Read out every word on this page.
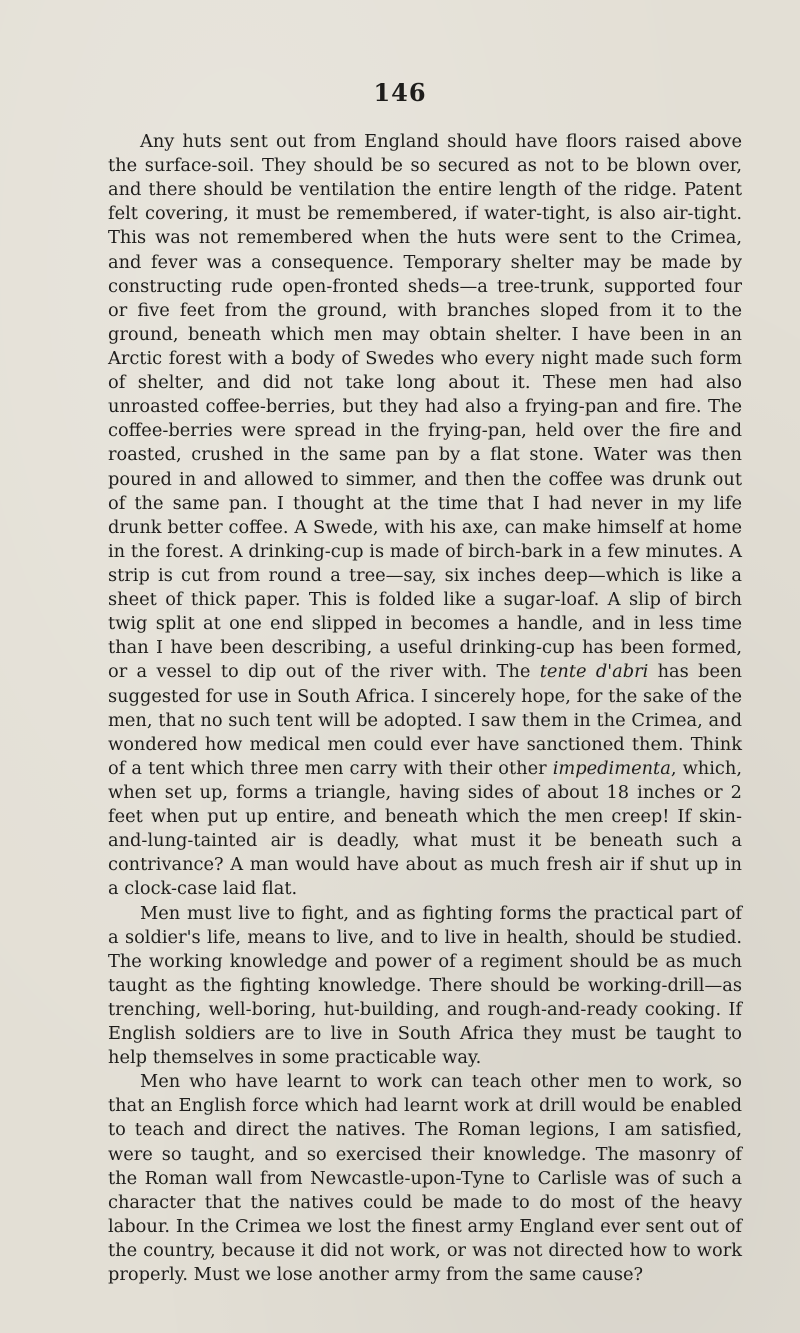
146

Any huts sent out from England should have floors raised above the surface-soil. They should be so secured as not to be blown over, and there should be ventilation the entire length of the ridge. Patent felt covering, it must be remembered, if water-tight, is also air-tight. This was not remembered when the huts were sent to the Crimea, and fever was a consequence. Temporary shelter may be made by constructing rude open-fronted sheds—a tree-trunk, supported four or five feet from the ground, with branches sloped from it to the ground, beneath which men may obtain shelter. I have been in an Arctic forest with a body of Swedes who every night made such form of shelter, and did not take long about it. These men had also unroasted coffee-berries, but they had also a frying-pan and fire. The coffee-berries were spread in the frying-pan, held over the fire and roasted, crushed in the same pan by a flat stone. Water was then poured in and allowed to simmer, and then the coffee was drunk out of the same pan. I thought at the time that I had never in my life drunk better coffee. A Swede, with his axe, can make himself at home in the forest. A drinking-cup is made of birch-bark in a few minutes. A strip is cut from round a tree—say, six inches deep—which is like a sheet of thick paper. This is folded like a sugar-loaf. A slip of birch twig split at one end slipped in becomes a handle, and in less time than I have been describing, a useful drinking-cup has been formed, or a vessel to dip out of the river with. The tente d'abri has been suggested for use in South Africa. I sincerely hope, for the sake of the men, that no such tent will be adopted. I saw them in the Crimea, and wondered how medical men could ever have sanctioned them. Think of a tent which three men carry with their other impedimenta, which, when set up, forms a triangle, having sides of about 18 inches or 2 feet when put up entire, and beneath which the men creep! If skin-and-lung-tainted air is deadly, what must it be beneath such a contrivance? A man would have about as much fresh air if shut up in a clock-case laid flat.

Men must live to fight, and as fighting forms the practical part of a soldier's life, means to live, and to live in health, should be studied. The working knowledge and power of a regiment should be as much taught as the fighting knowledge. There should be working-drill—as trenching, well-boring, hut-building, and rough-and-ready cooking. If English soldiers are to live in South Africa they must be taught to help themselves in some practicable way.

Men who have learnt to work can teach other men to work, so that an English force which had learnt work at drill would be enabled to teach and direct the natives. The Roman legions, I am satisfied, were so taught, and so exercised their knowledge. The masonry of the Roman wall from Newcastle-upon-Tyne to Carlisle was of such a character that the natives could be made to do most of the heavy labour. In the Crimea we lost the finest army England ever sent out of the country, because it did not work, or was not directed how to work properly. Must we lose another army from the same cause?
